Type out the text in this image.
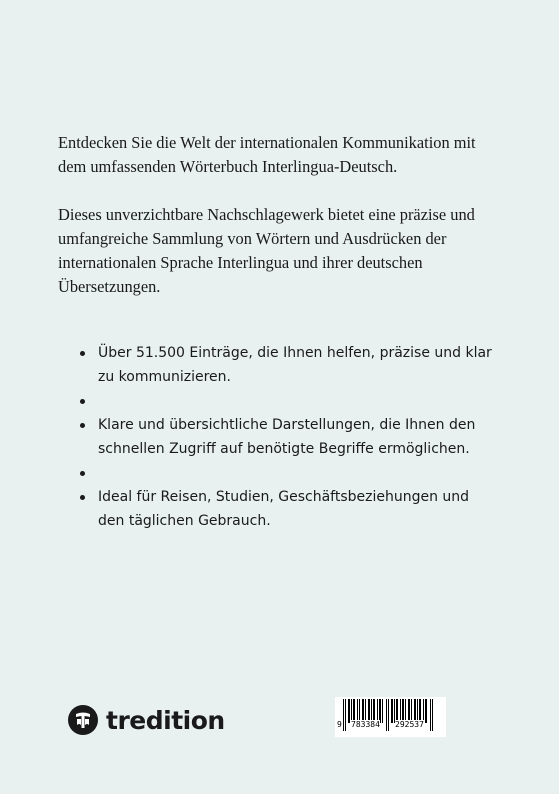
Entdecken Sie die Welt der internationalen Kommunikation mit dem umfassenden Wörterbuch Interlingua-Deutsch.

Dieses unverzichtbare Nachschlagewerk bietet eine präzise und umfangreiche Sammlung von Wörtern und Ausdrücken der internationalen Sprache Interlingua und ihrer deutschen Übersetzungen.

Über 51.500 Einträge, die Ihnen helfen, präzise und klar zu kommunizieren.
Klare und übersichtliche Darstellungen, die Ihnen den schnellen Zugriff auf benötigte Begriffe ermöglichen.
Ideal für Reisen, Studien, Geschäftsbeziehungen und den täglichen Gebrauch.
tredition	9 783384 292537
